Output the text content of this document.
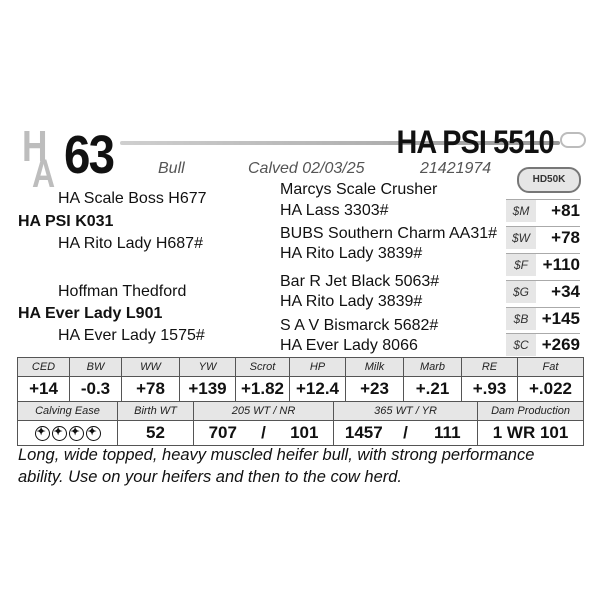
H
A 63	HA PSI 5510
Bull	Calved 02/03/25	21421974
HD50K
HA Scale Boss H677
HA PSI K031
HA Rito Lady H687#
Hoffman Thedford
HA Ever Lady L901
HA Ever Lady 1575#
Marcys Scale Crusher
HA Lass 3303#
BUBS Southern Charm AA31#
HA Rito Lady 3839#
Bar R Jet Black 5063#
HA Rito Lady 3839#
S A V Bismarck 5682#
HA Ever Lady 8066
$M	+81
$W	+78
$F +110
$G	+34
$B +145
$C +269
CED	BW	WW	YW	Scrot	HP	Milk	Marb	RE	Fat
+14	-0.3	+78	+139	+1.82	+12.4	+23	+.21	+.93	+.022
Calving Ease	Birth WT	205 WT / NR			365 WT / YR			Dam Production
✦✦✦✦	52	707	/	101	1457	/	111	1 WR 101
Long, wide topped, heavy muscled heifer bull, with strong performance ability. Use on your heifers and then to the cow herd.
